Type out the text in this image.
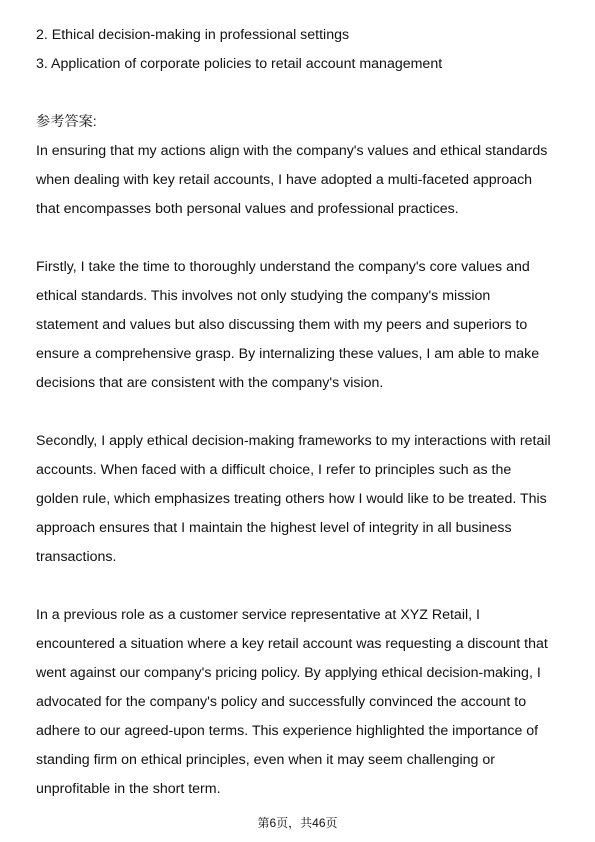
2. Ethical decision-making in professional settings
3. Application of corporate policies to retail account management
参考答案:
In ensuring that my actions align with the company's values and ethical standards
when dealing with key retail accounts, I have adopted a multi-faceted approach
that encompasses both personal values and professional practices.
Firstly, I take the time to thoroughly understand the company's core values and
ethical standards. This involves not only studying the company's mission
statement and values but also discussing them with my peers and superiors to
ensure a comprehensive grasp. By internalizing these values, I am able to make
decisions that are consistent with the company's vision.
Secondly, I apply ethical decision-making frameworks to my interactions with retail
accounts. When faced with a difficult choice, I refer to principles such as the
golden rule, which emphasizes treating others how I would like to be treated. This
approach ensures that I maintain the highest level of integrity in all business
transactions.
In a previous role as a customer service representative at XYZ Retail, I
encountered a situation where a key retail account was requesting a discount that
went against our company's pricing policy. By applying ethical decision-making, I
advocated for the company's policy and successfully convinced the account to
adhere to our agreed-upon terms. This experience highlighted the importance of
standing firm on ethical principles, even when it may seem challenging or
unprofitable in the short term.
第6页，共46页
